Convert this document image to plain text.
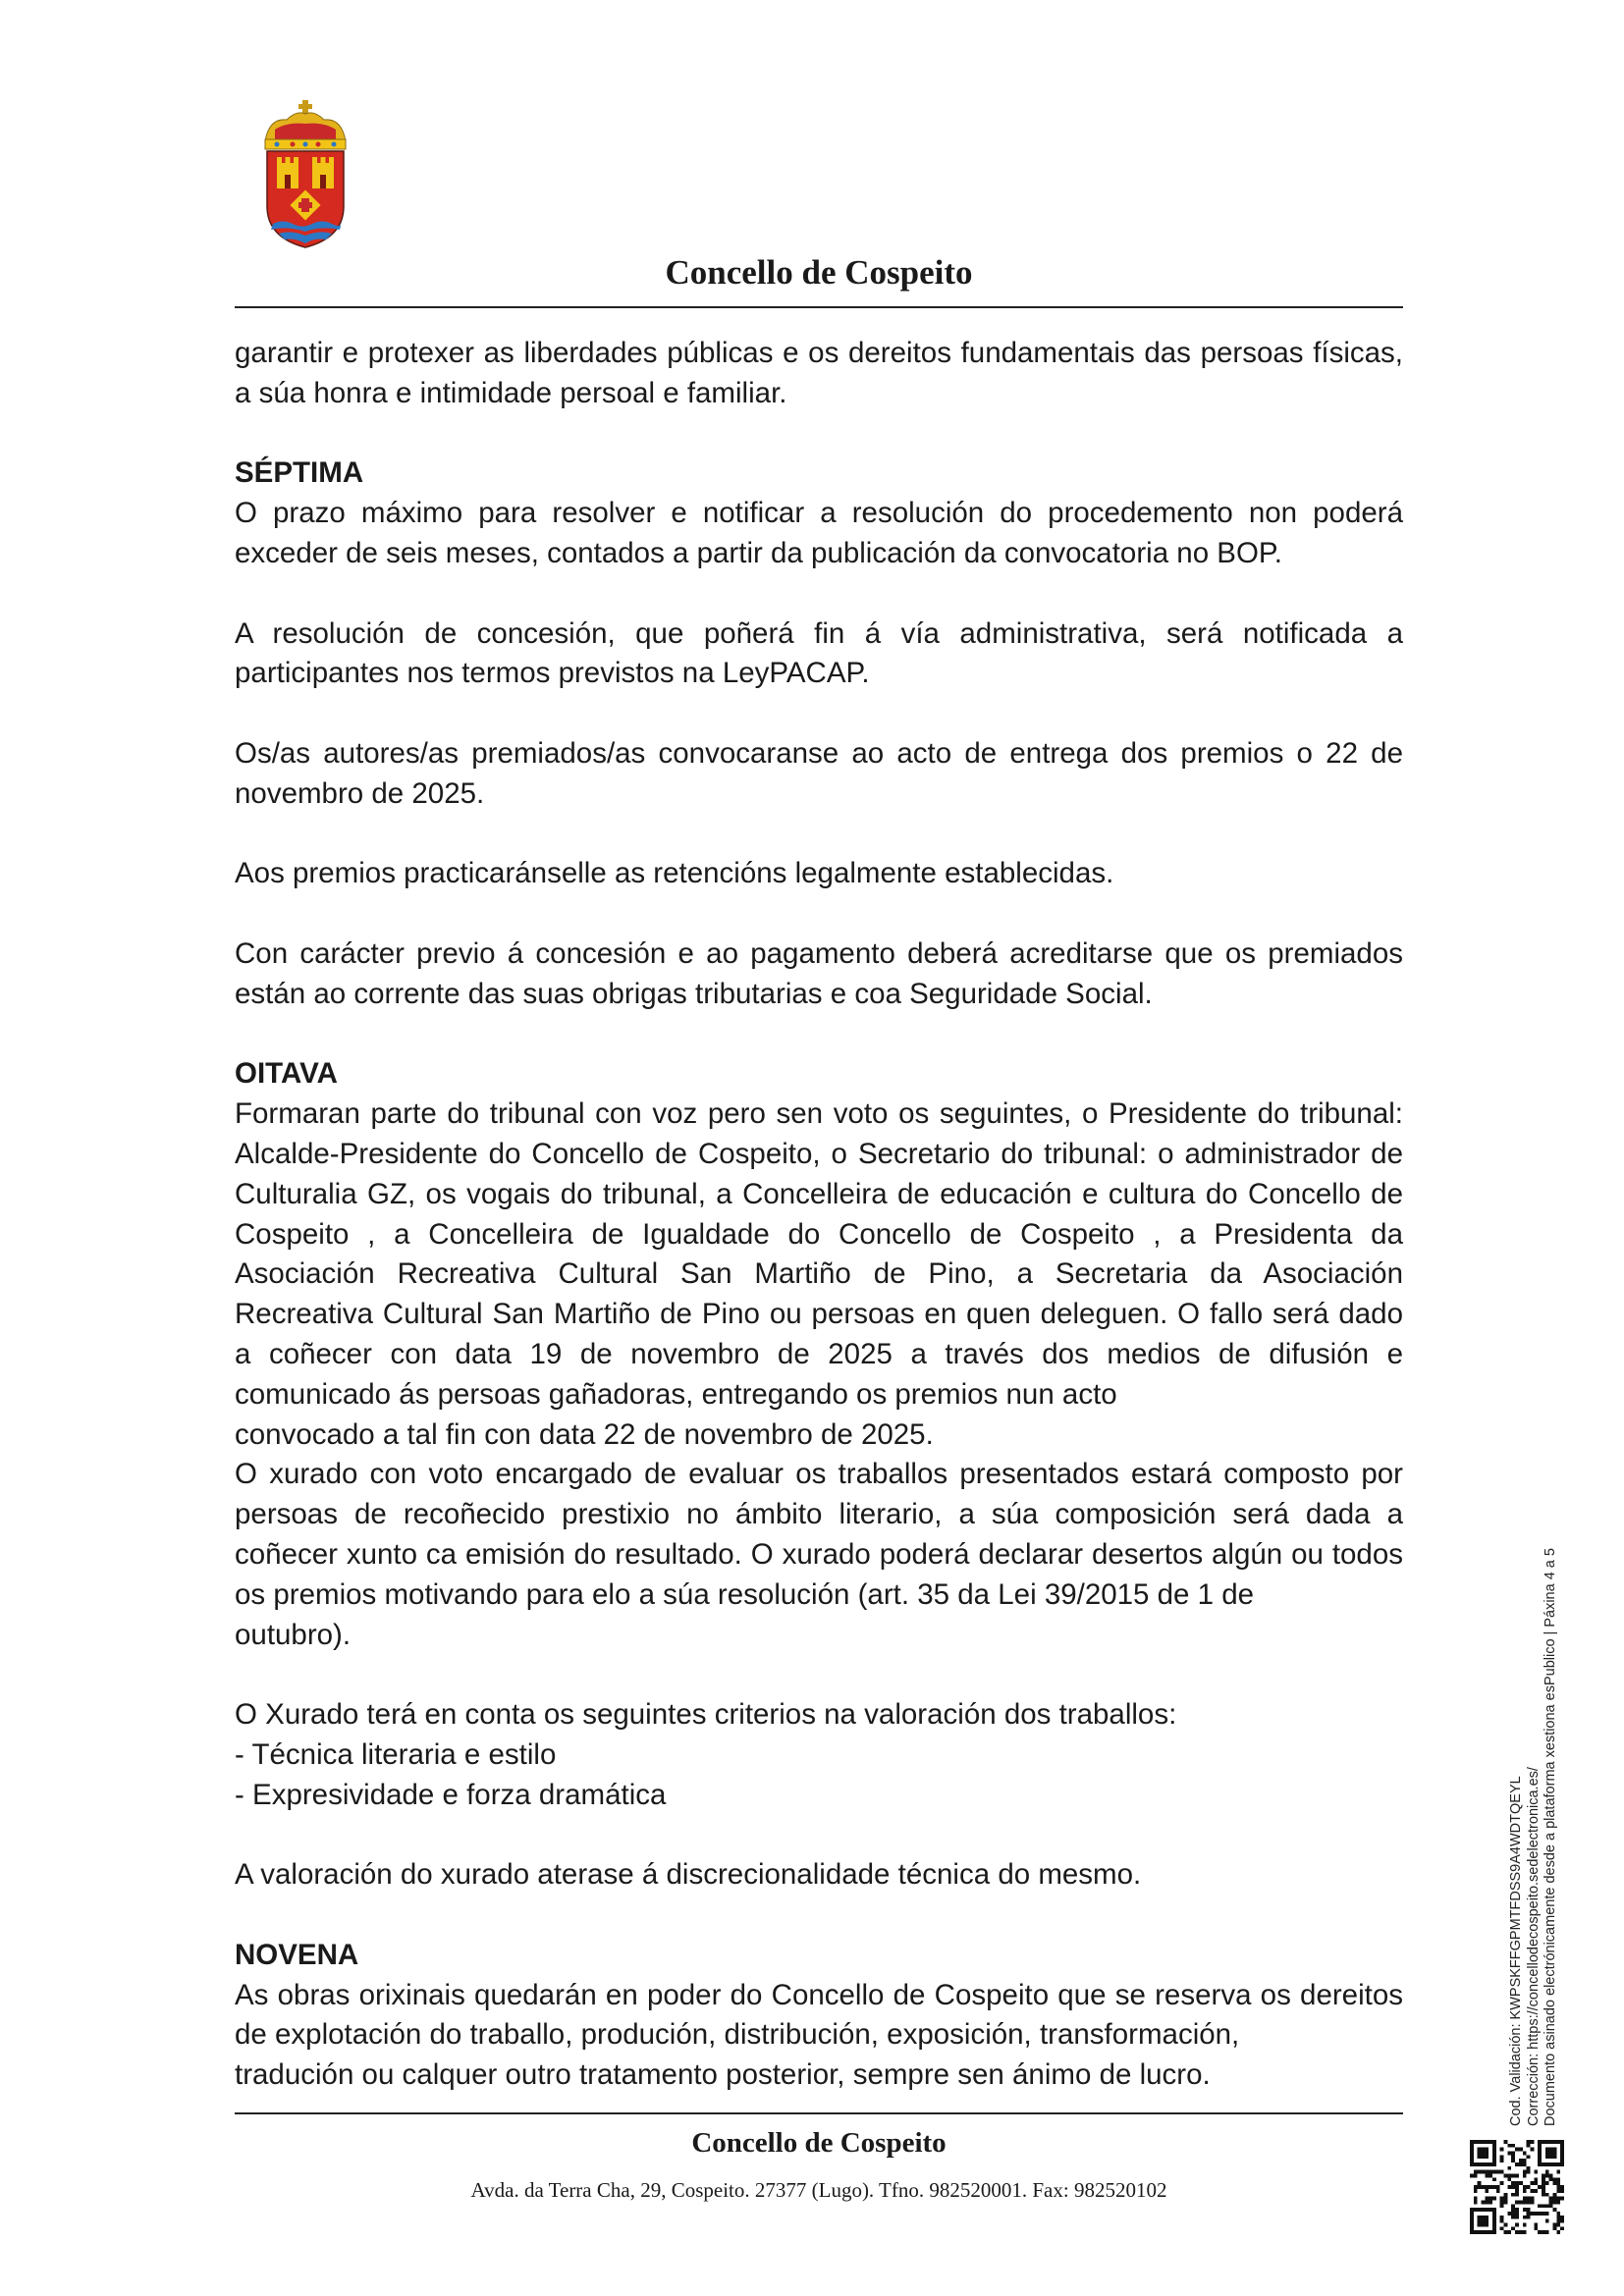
Concello de Cospeito

garantir e protexer as liberdades públicas e os dereitos fundamentais das persoas físicas, a súa honra e intimidade persoal e familiar.

SÉPTIMA

O prazo máximo para resolver e notificar a resolución do procedemento non poderá exceder de seis meses, contados a partir da publicación da convocatoria no BOP.

A resolución de concesión, que poñerá fin á vía administrativa, será notificada a participantes nos termos previstos na LeyPACAP.

Os/as autores/as premiados/as convocaranse ao acto de entrega dos premios o 22 de novembro de 2025.

Aos premios practicaránselle as retencións legalmente establecidas.

Con carácter previo á concesión e ao pagamento deberá acreditarse que os premiados están ao corrente das suas obrigas tributarias e coa Seguridade Social.

OITAVA

Formaran parte do tribunal con voz pero sen voto os seguintes, o Presidente do tribunal: Alcalde-Presidente do Concello de Cospeito, o Secretario do tribunal: o administrador de Culturalia GZ, os vogais do tribunal, a Concelleira de educación e cultura do Concello de Cospeito , a Concelleira de Igualdade do Concello de Cospeito , a Presidenta da Asociación Recreativa Cultural San Martiño de Pino, a Secretaria da Asociación Recreativa Cultural San Martiño de Pino ou persoas en quen deleguen. O fallo será dado a coñecer con data 19 de novembro de 2025 a través dos medios de difusión e comunicado ás persoas gañadoras, entregando os premios nun acto

convocado a tal fin con data 22 de novembro de 2025.

O xurado con voto encargado de evaluar os traballos presentados estará composto por persoas de recoñecido prestixio no ámbito literario, a súa composición será dada a coñecer xunto ca emisión do resultado. O xurado poderá declarar desertos algún ou todos os premios motivando para elo a súa resolución (art. 35 da Lei 39/2015 de 1 de

outubro).

O Xurado terá en conta os seguintes criterios na valoración dos traballos:

- Técnica literaria e estilo

- Expresividade e forza dramática

A valoración do xurado aterase á discrecionalidade técnica do mesmo.

NOVENA

As obras orixinais quedarán en poder do Concello de Cospeito que se reserva os dereitos de explotación do traballo, produción, distribución, exposición, transformación,

tradución ou calquer outro tratamento posterior, sempre sen ánimo de lucro.

Concello de Cospeito
Avda. da Terra Cha, 29, Cospeito. 27377 (Lugo). Tfno. 982520001. Fax: 982520102
Cod. Validación: KWPSKFFGPMTFDSS9A4WDTQEYL Corrección: https://concellodecospeito.sedelectronica.es/ Documento asinado electrónicamente desde a plataforma xestiona esPublico | Páxina 4 a 5
